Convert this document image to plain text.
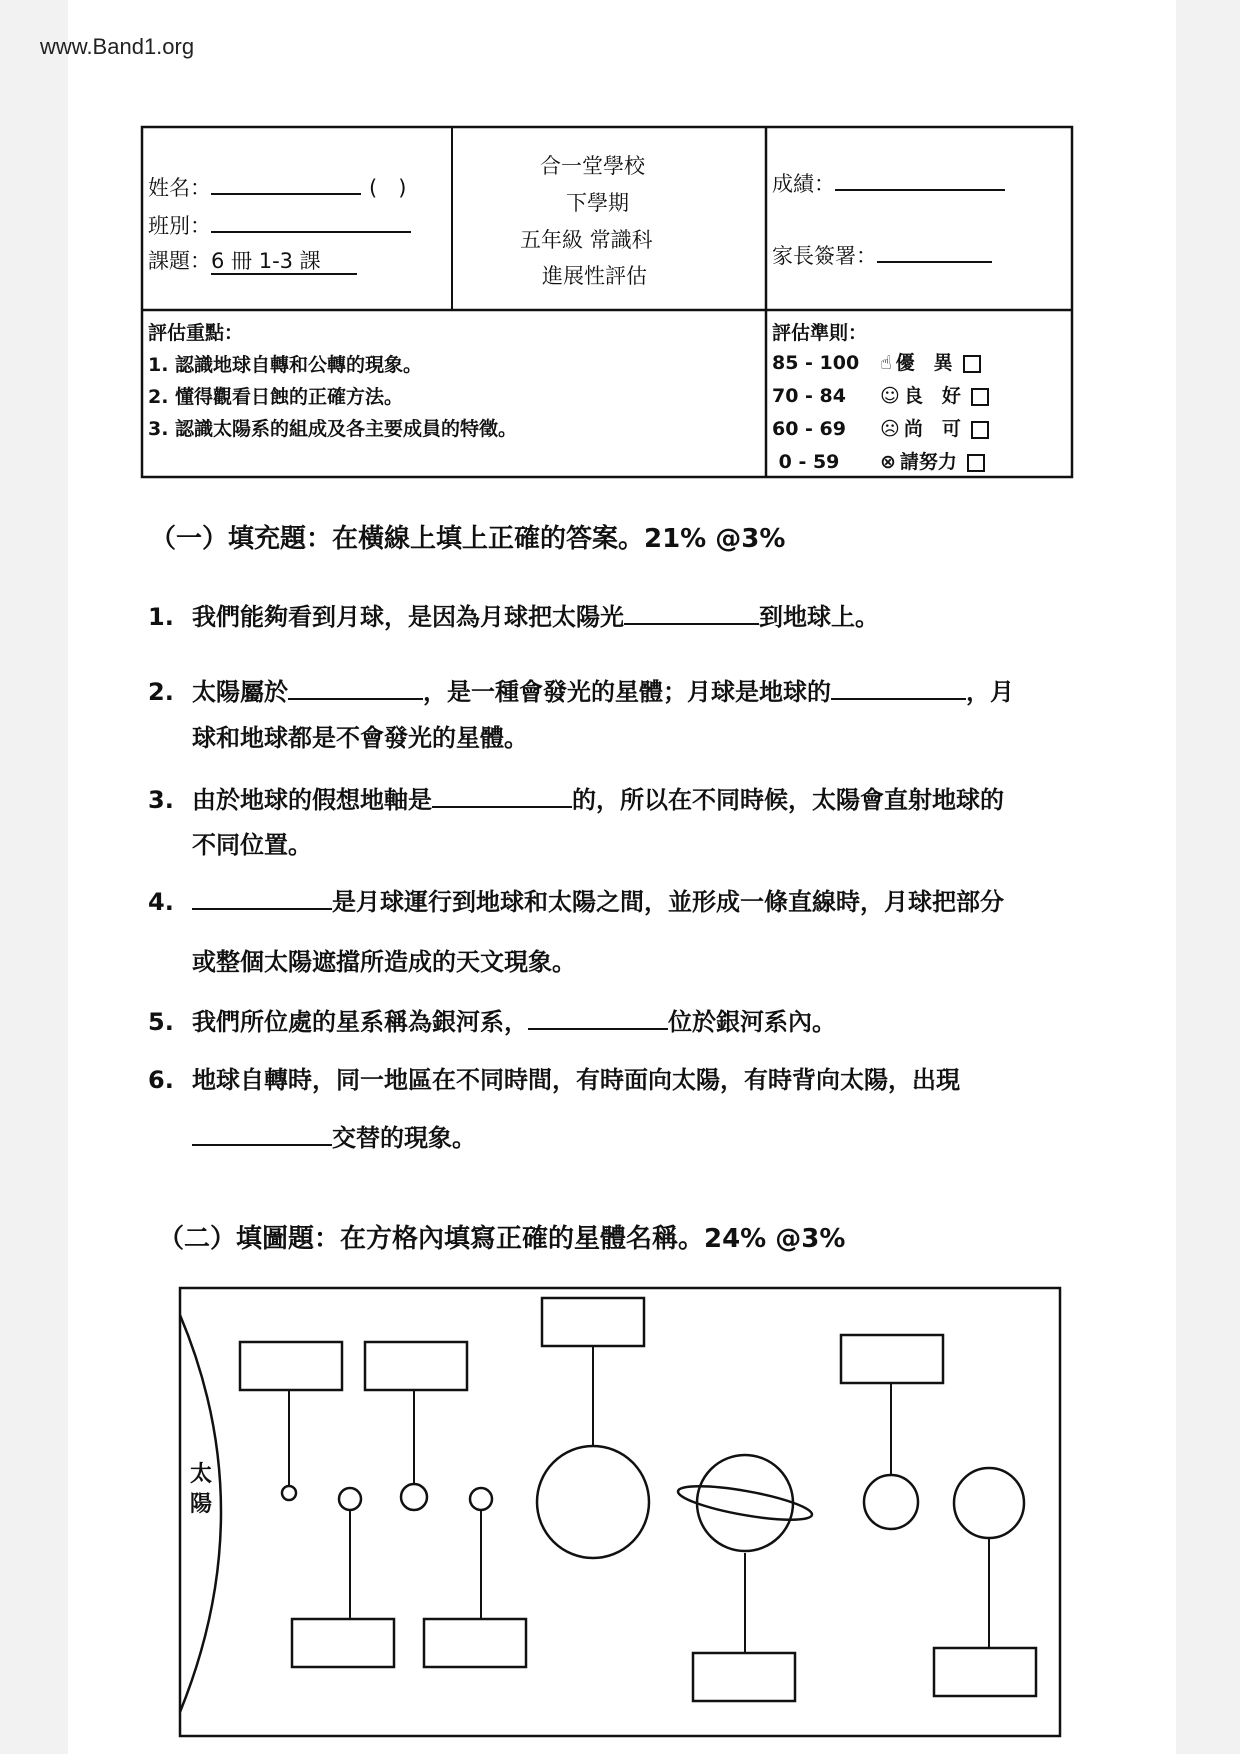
www.Band1.org
姓名：	(　)
班別：
課題：6 冊 1-3 課
合一堂學校
下學期
五年級 常識科
進展性評估
成績：
家長簽署：
評估重點：
1. 認識地球自轉和公轉的現象。
2. 懂得觀看日蝕的正確方法。
3. 認識太陽系的組成及各主要成員的特徵。
評估準則：
85 - 100 ☝ 優　異
70 - 84 ☺ 良　好
60 - 69 ☹ 尚　可
0 - 59 ⊗ 請努力
（一）填充題：在橫線上填上正確的答案。21% @3%
1. 我們能夠看到月球，是因為月球把太陽光	到地球上。
2. 太陽屬於	，是一種會發光的星體；月球是地球的	，月
球和地球都是不會發光的星體。
3. 由於地球的假想地軸是	的，所以在不同時候，太陽會直射地球的
不同位置。
4.	是月球運行到地球和太陽之間，並形成一條直線時，月球把部分
或整個太陽遮擋所造成的天文現象。
5. 我們所位處的星系稱為銀河系，	位於銀河系內。
6. 地球自轉時，同一地區在不同時間，有時面向太陽，有時背向太陽，出現
交替的現象。
（二）填圖題：在方格內填寫正確的星體名稱。24% @3%
太陽
